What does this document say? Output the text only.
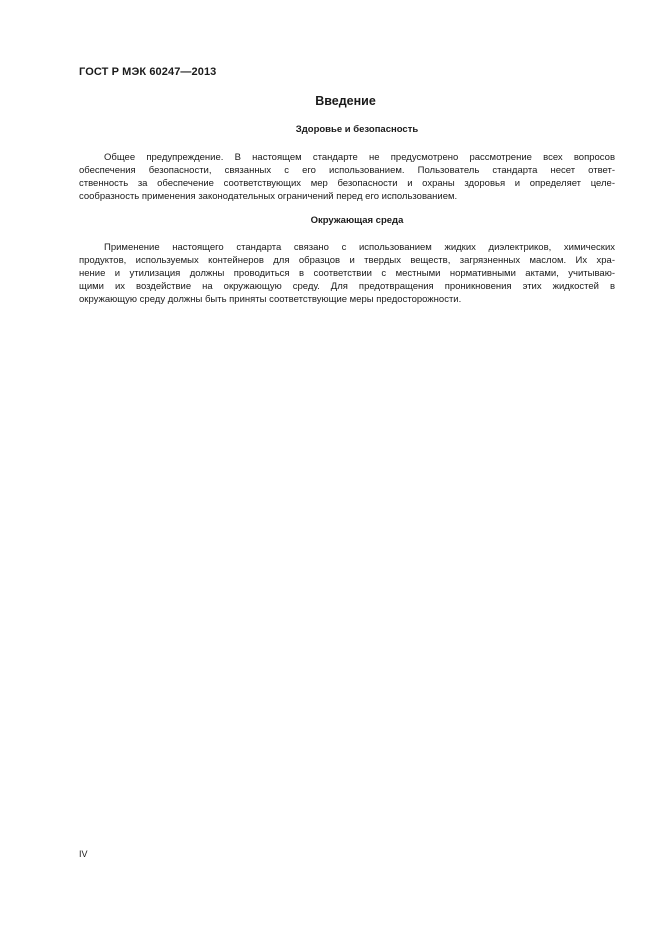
ГОСТ Р МЭК 60247—2013
Введение
Здоровье и безопасность
Общее предупреждение. В настоящем стандарте не предусмотрено рассмотрение всех вопросов
обеспечения безопасности, связанных с его использованием. Пользователь стандарта несет ответ-
ственность за обеспечение соответствующих мер безопасности и охраны здоровья и определяет целе-
сообразность применения законодательных ограничений перед его использованием.
Окружающая среда
Применение настоящего стандарта связано с использованием жидких диэлектриков, химических
продуктов, используемых контейнеров для образцов и твердых веществ, загрязненных маслом. Их хра-
нение и утилизация должны проводиться в соответствии с местными нормативными актами, учитываю-
щими их воздействие на окружающую среду. Для предотвращения проникновения этих жидкостей в
окружающую среду должны быть приняты соответствующие меры предосторожности.
IV
